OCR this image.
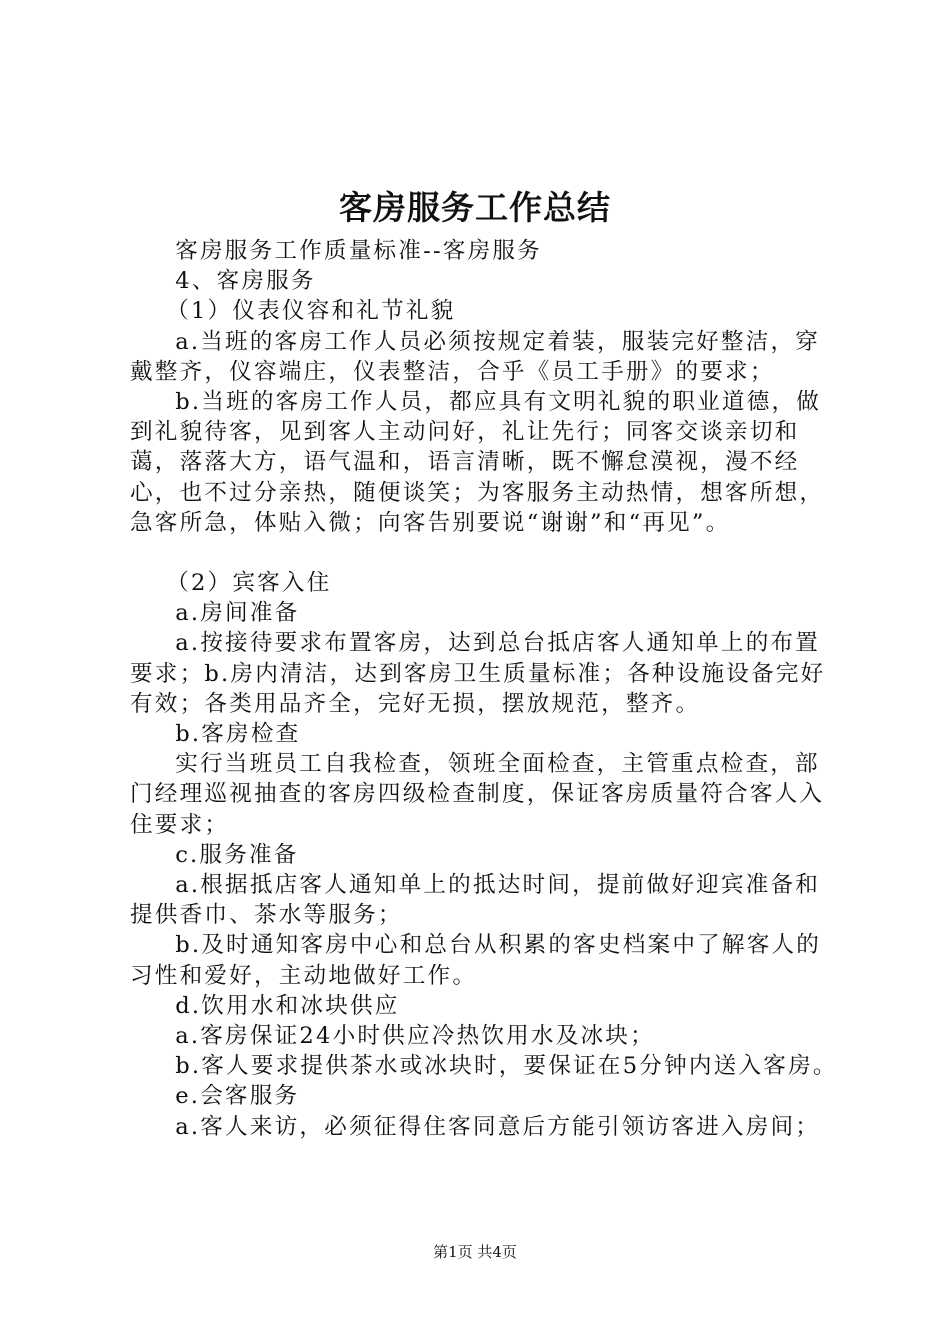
客房服务工作总结

客房服务工作质量标准--客房服务

4、客房服务

（1）仪表仪容和礼节礼貌

a.当班的客房工作人员必须按规定着装，服装完好整洁，穿戴整齐，仪容端庄，仪表整洁，合乎《员工手册》的要求；

b.当班的客房工作人员，都应具有文明礼貌的职业道德，做到礼貌待客，见到客人主动问好，礼让先行；同客交谈亲切和蔼，落落大方，语气温和，语言清晰，既不懈怠漠视，漫不经心，也不过分亲热，随便谈笑；为客服务主动热情，想客所想，急客所急，体贴入微；向客告别要说“谢谢”和“再见”。

（2）宾客入住

a.房间准备

a.按接待要求布置客房，达到总台抵店客人通知单上的布置要求；b.房内清洁，达到客房卫生质量标准；各种设施设备完好有效；各类用品齐全，完好无损，摆放规范，整齐。

b.客房检查

实行当班员工自我检查，领班全面检查，主管重点检查，部门经理巡视抽查的客房四级检查制度，保证客房质量符合客人入住要求；

c.服务准备

a.根据抵店客人通知单上的抵达时间，提前做好迎宾准备和提供香巾、茶水等服务；

b.及时通知客房中心和总台从积累的客史档案中了解客人的习性和爱好，主动地做好工作。

d.饮用水和冰块供应

a.客房保证24小时供应冷热饮用水及冰块；

b.客人要求提供茶水或冰块时，要保证在5分钟内送入客房。

e.会客服务

a.客人来访，必须征得住客同意后方能引领访客进入房间；

第1页 共4页
